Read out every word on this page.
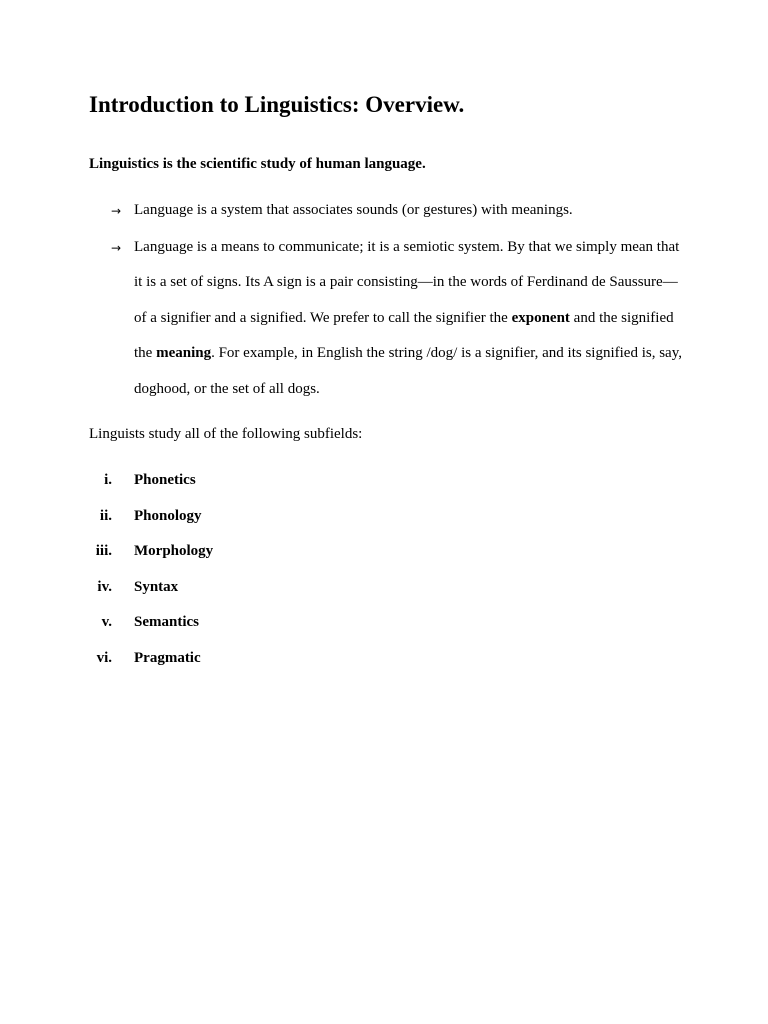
Introduction to Linguistics: Overview.

Linguistics is the scientific study of human language.

→ Language is a system that associates sounds (or gestures) with meanings.
→ Language is a means to communicate; it is a semiotic system. By that we simply mean that it is a set of signs. Its A sign is a pair consisting—in the words of Ferdinand de Saussure—of a signifier and a signified. We prefer to call the signifier the exponent and the signified the meaning. For example, in English the string /dog/ is a signifier, and its signified is, say, doghood, or the set of all dogs.

Linguists study all of the following subfields:

i. Phonetics
ii. Phonology
iii. Morphology
iv. Syntax
v. Semantics
vi. Pragmatic
